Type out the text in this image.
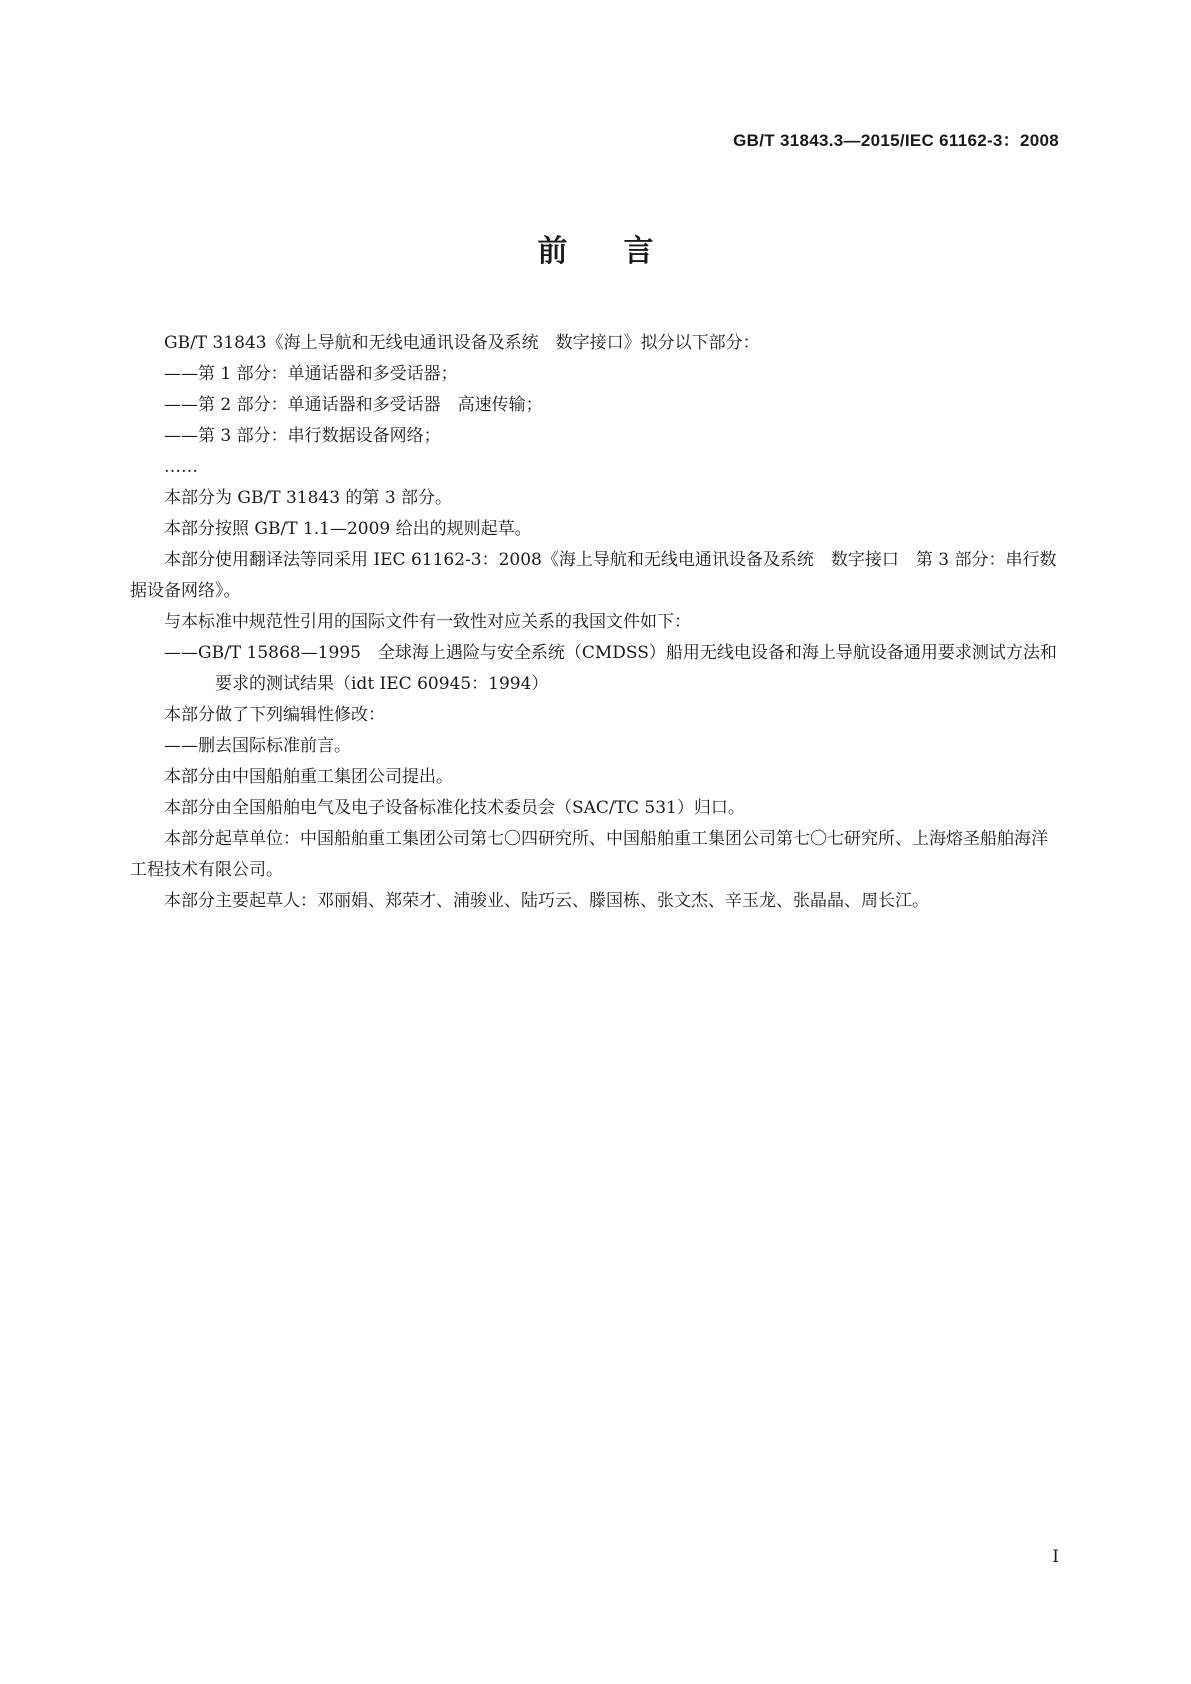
GB/T 31843.3—2015/IEC 61162-3：2008
前言

GB/T 31843《海上导航和无线电通讯设备及系统　数字接口》拟分以下部分：

——第 1 部分：单通话器和多受话器；

——第 2 部分：单通话器和多受话器　高速传输；

——第 3 部分：串行数据设备网络；

……

本部分为 GB/T 31843 的第 3 部分。

本部分按照 GB/T 1.1—2009 给出的规则起草。

本部分使用翻译法等同采用 IEC 61162-3：2008《海上导航和无线电通讯设备及系统　数字接口　第 3 部分：串行数据设备网络》。

与本标准中规范性引用的国际文件有一致性对应关系的我国文件如下：

——GB/T 15868—1995　全球海上遇险与安全系统（CMDSS）船用无线电设备和海上导航设备通用要求测试方法和要求的测试结果（idt IEC 60945：1994）

本部分做了下列编辑性修改：

——删去国际标准前言。

本部分由中国船舶重工集团公司提出。

本部分由全国船舶电气及电子设备标准化技术委员会（SAC/TC 531）归口。

本部分起草单位：中国船舶重工集团公司第七〇四研究所、中国船舶重工集团公司第七〇七研究所、上海熔圣船舶海洋工程技术有限公司。

本部分主要起草人：邓丽娟、郑荣才、浦骏业、陆巧云、滕国栋、张文杰、辛玉龙、张晶晶、周长江。

I
